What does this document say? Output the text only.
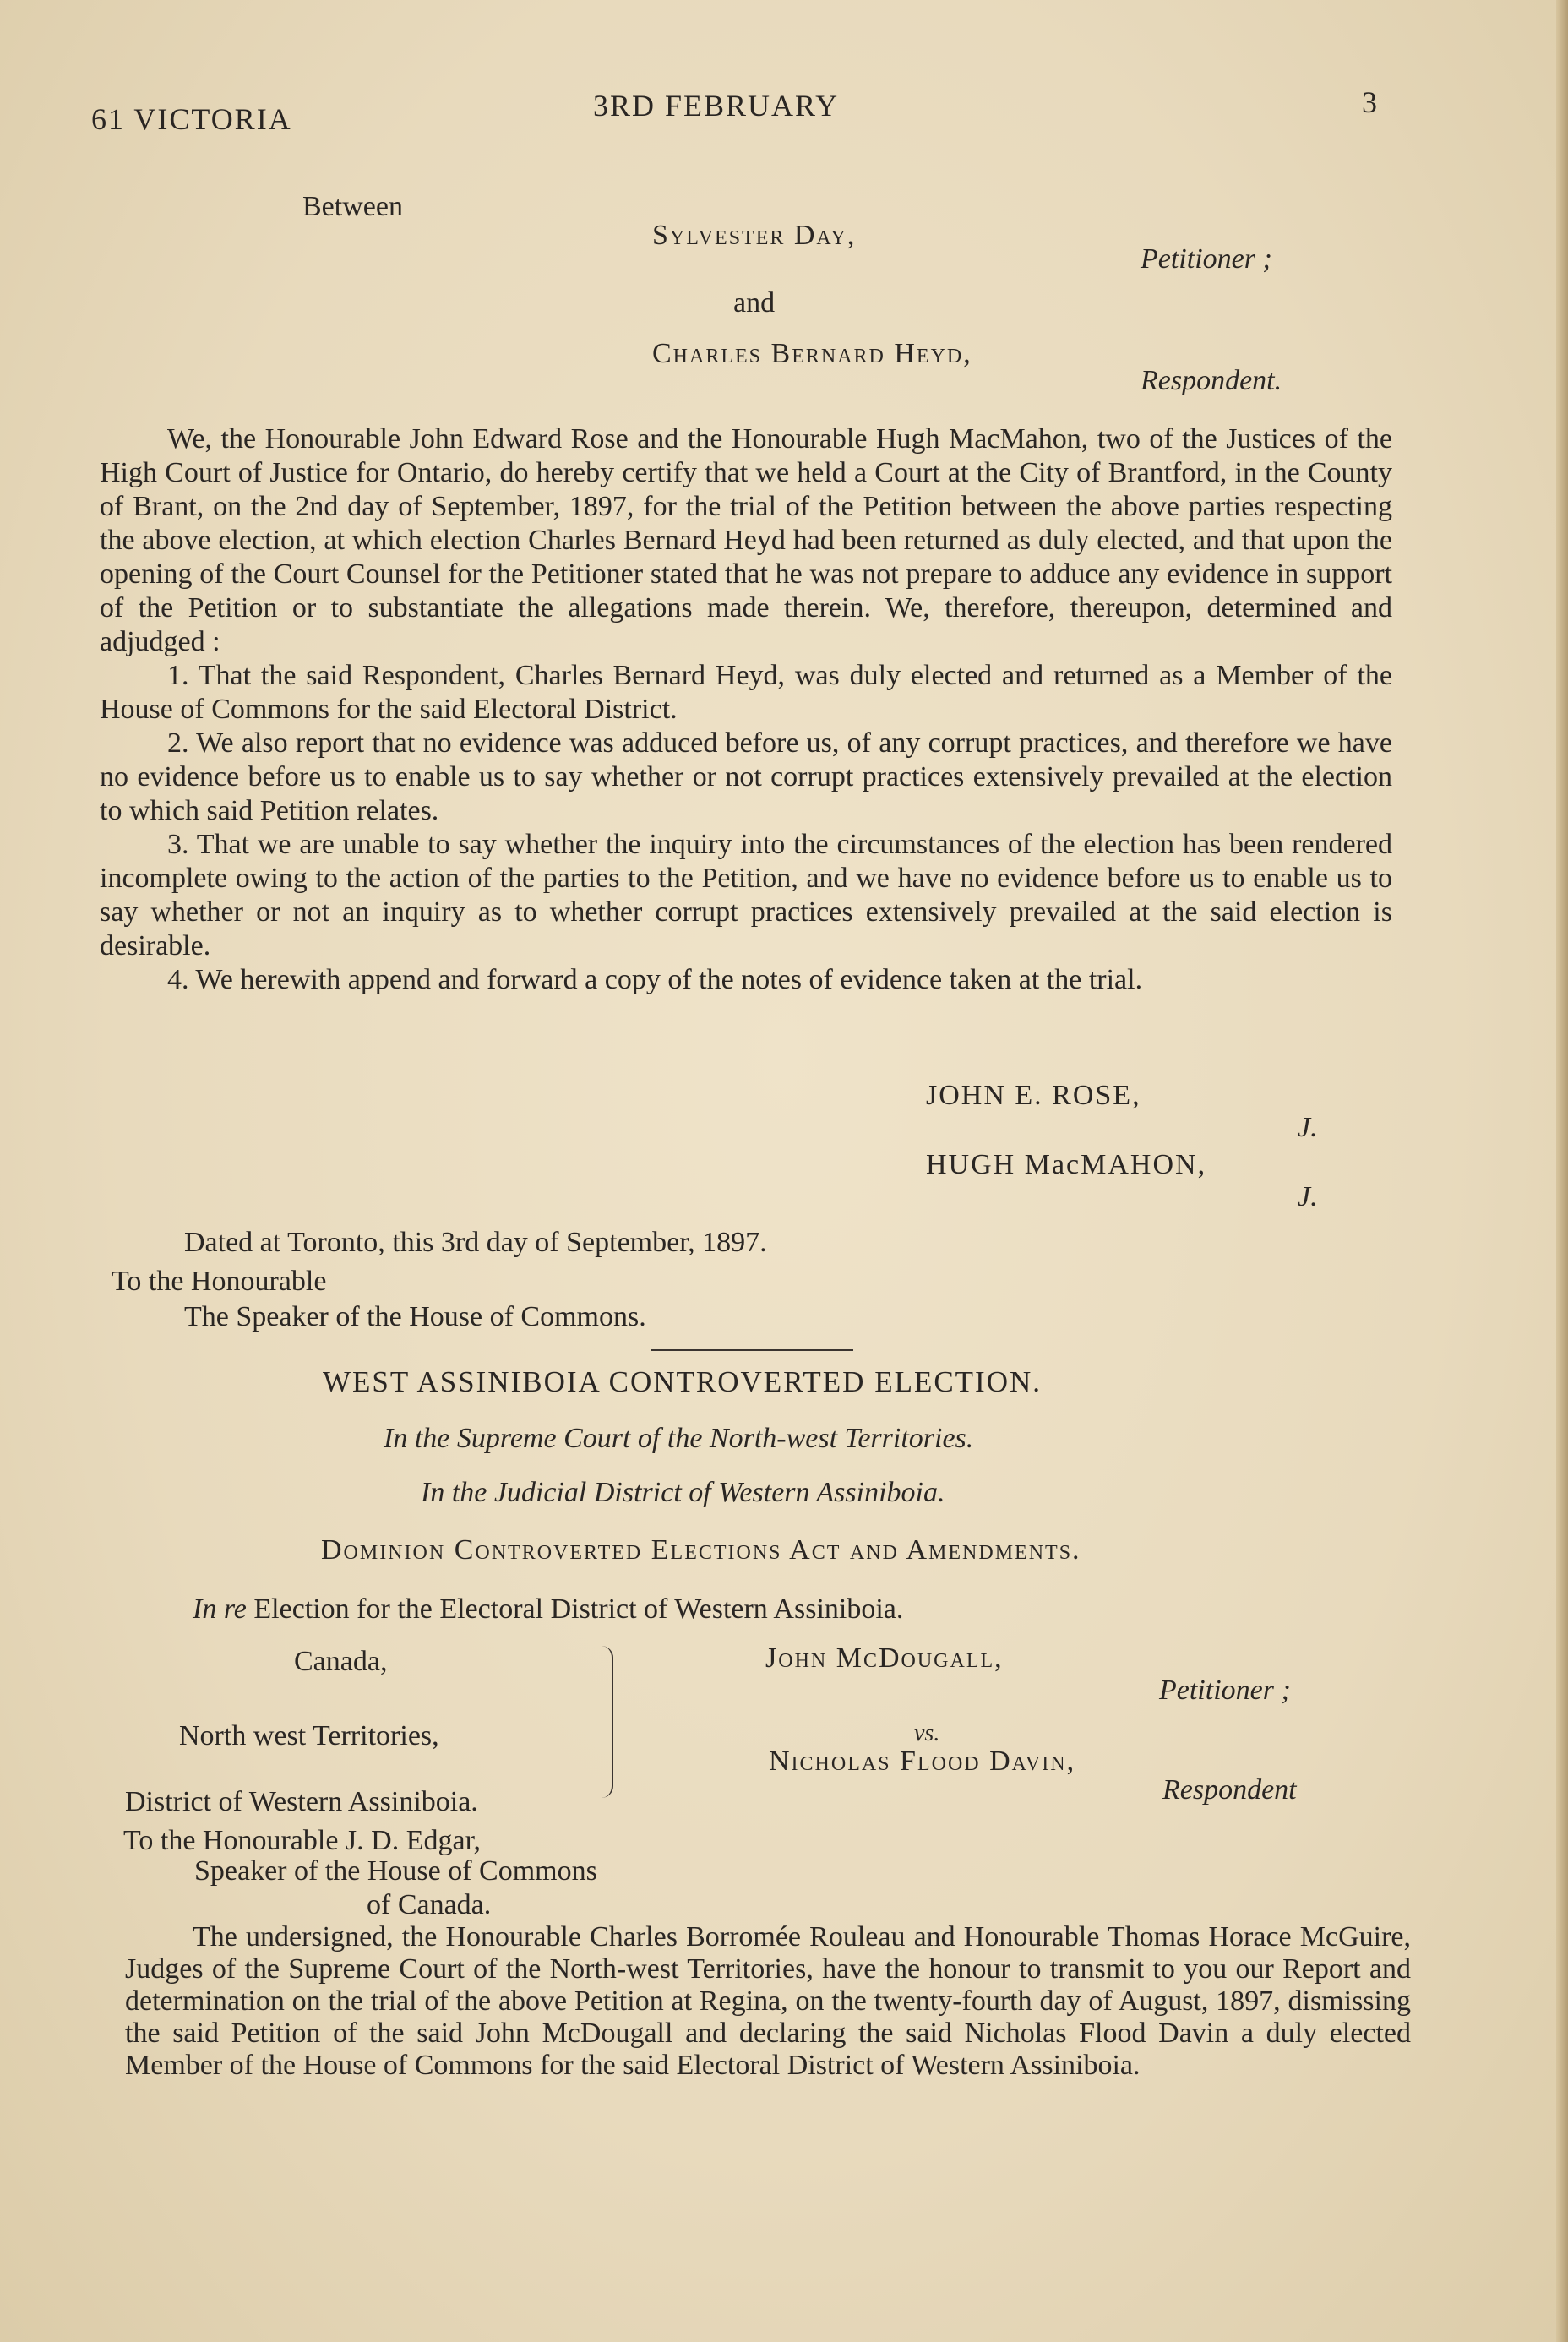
61 VICTORIA	3RD FEBRUARY	3
Between
Sylvester Day,
Petitioner ;
and
Charles Bernard Heyd,
Respondent.

We, the Honourable John Edward Rose and the Honourable Hugh MacMahon, two of the Justices of the High Court of Justice for Ontario, do hereby certify that we held a Court at the City of Brantford, in the County of Brant, on the 2nd day of September, 1897, for the trial of the Petition between the above parties respecting the above election, at which election Charles Bernard Heyd had been returned as duly elected, and that upon the opening of the Court Counsel for the Petitioner stated that he was not prepare to adduce any evidence in support of the Petition or to substantiate the allegations made therein. We, therefore, thereupon, determined and adjudged :

1. That the said Respondent, Charles Bernard Heyd, was duly elected and returned as a Member of the House of Commons for the said Electoral District.

2. We also report that no evidence was adduced before us, of any corrupt practices, and therefore we have no evidence before us to enable us to say whether or not corrupt practices extensively prevailed at the election to which said Petition relates.

3. That we are unable to say whether the inquiry into the circumstances of the election has been rendered incomplete owing to the action of the parties to the Petition, and we have no evidence before us to enable us to say whether or not an inquiry as to whether corrupt practices extensively prevailed at the said election is desirable.

4. We herewith append and forward a copy of the notes of evidence taken at the trial.

JOHN E. ROSE,
J.
HUGH MacMAHON,
J.
Dated at Toronto, this 3rd day of September, 1897.
To the Honourable
The Speaker of the House of Commons.
WEST ASSINIBOIA CONTROVERTED ELECTION.
In the Supreme Court of the North-west Territories.
In the Judicial District of Western Assiniboia.
Dominion Controverted Elections Act and Amendments.
In re Election for the Electoral District of Western Assiniboia.
Canada,
North west Territories,
District of Western Assiniboia.
John McDougall,
Petitioner ;
vs.
Nicholas Flood Davin,
Respondent
To the Honourable J. D. Edgar,
Speaker of the House of Commons
of Canada.

The undersigned, the Honourable Charles Borromée Rouleau and Honourable Thomas Horace McGuire, Judges of the Supreme Court of the North-west Territories, have the honour to transmit to you our Report and determination on the trial of the above Petition at Regina, on the twenty-fourth day of August, 1897, dismissing the said Petition of the said John McDougall and declaring the said Nicholas Flood Davin a duly elected Member of the House of Commons for the said Electoral District of Western Assiniboia.
